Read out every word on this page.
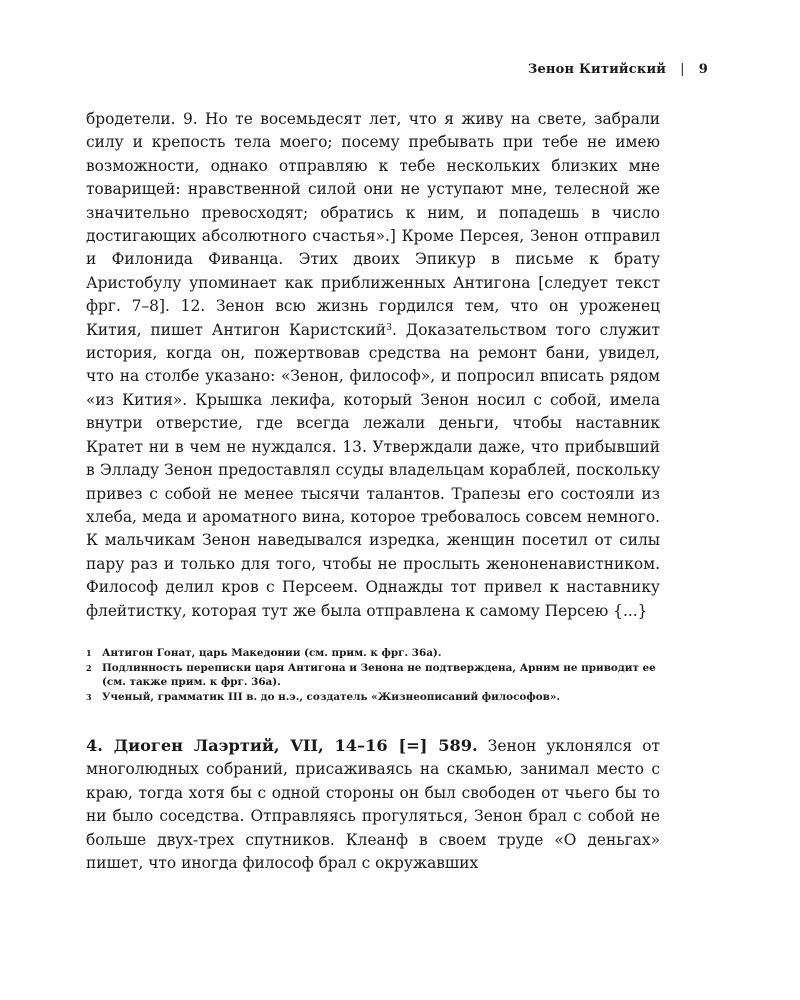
Зенон Китийский | 9

бродетели. 9. Но те восемьдесят лет, что я живу на свете, забрали силу и крепость тела моего; посему пребывать при тебе не имею возможности, однако отправляю к тебе нескольких близких мне товарищей: нравственной силой они не уступают мне, телесной же значительно превосходят; обратись к ним, и попадешь в число достигающих абсолютного счастья».] Кроме Персея, Зенон отправил и Филонида Фиванца. Этих двоих Эпикур в письме к брату Аристобулу упоминает как приближенных Антигона [следует текст фрг. 7–8]. 12. Зенон всю жизнь гордился тем, что он уроженец Кития, пишет Антигон Каристский$^3$. Доказательством того служит история, когда он, пожертвовав средства на ремонт бани, увидел, что на столбе указано: «Зенон, философ», и попросил вписать рядом «из Кития». Крышка лекифа, который Зенон носил с собой, имела внутри отверстие, где всегда лежали деньги, чтобы наставник Кратет ни в чем не нуждался. 13. Утверждали даже, что прибывший в Элладу Зенон предоставлял ссуды владельцам кораблей, поскольку привез с собой не менее тысячи талантов. Трапезы его состояли из хлеба, меда и ароматного вина, которое требовалось совсем немного. К мальчикам Зенон наведывался изредка, женщин посетил от силы пару раз и только для того, чтобы не прослыть женоненавистником. Философ делил кров с Персеем. Однажды тот привел к наставнику флейтистку, которая тут же была отправлена к самому Персею {...}

1	Антигон Гонат, царь Македонии (см. прим. к фрг. 36а).
2	Подлинность переписки царя Антигона и Зенона не подтверждена, Арним не приводит ее (см. также прим. к фрг. 36а).
3	Ученый, грамматик III в. до н.э., создатель «Жизнеописаний философов».

4. Диоген Лаэртий, VII, 14–16 [=] 589. Зенон уклонялся от многолюдных собраний, присаживаясь на скамью, занимал место с краю, тогда хотя бы с одной стороны он был свободен от чьего бы то ни было соседства. Отправляясь прогуляться, Зенон брал с собой не больше двух-трех спутников. Клеанф в своем труде «О деньгах» пишет, что иногда философ брал с окружавших
